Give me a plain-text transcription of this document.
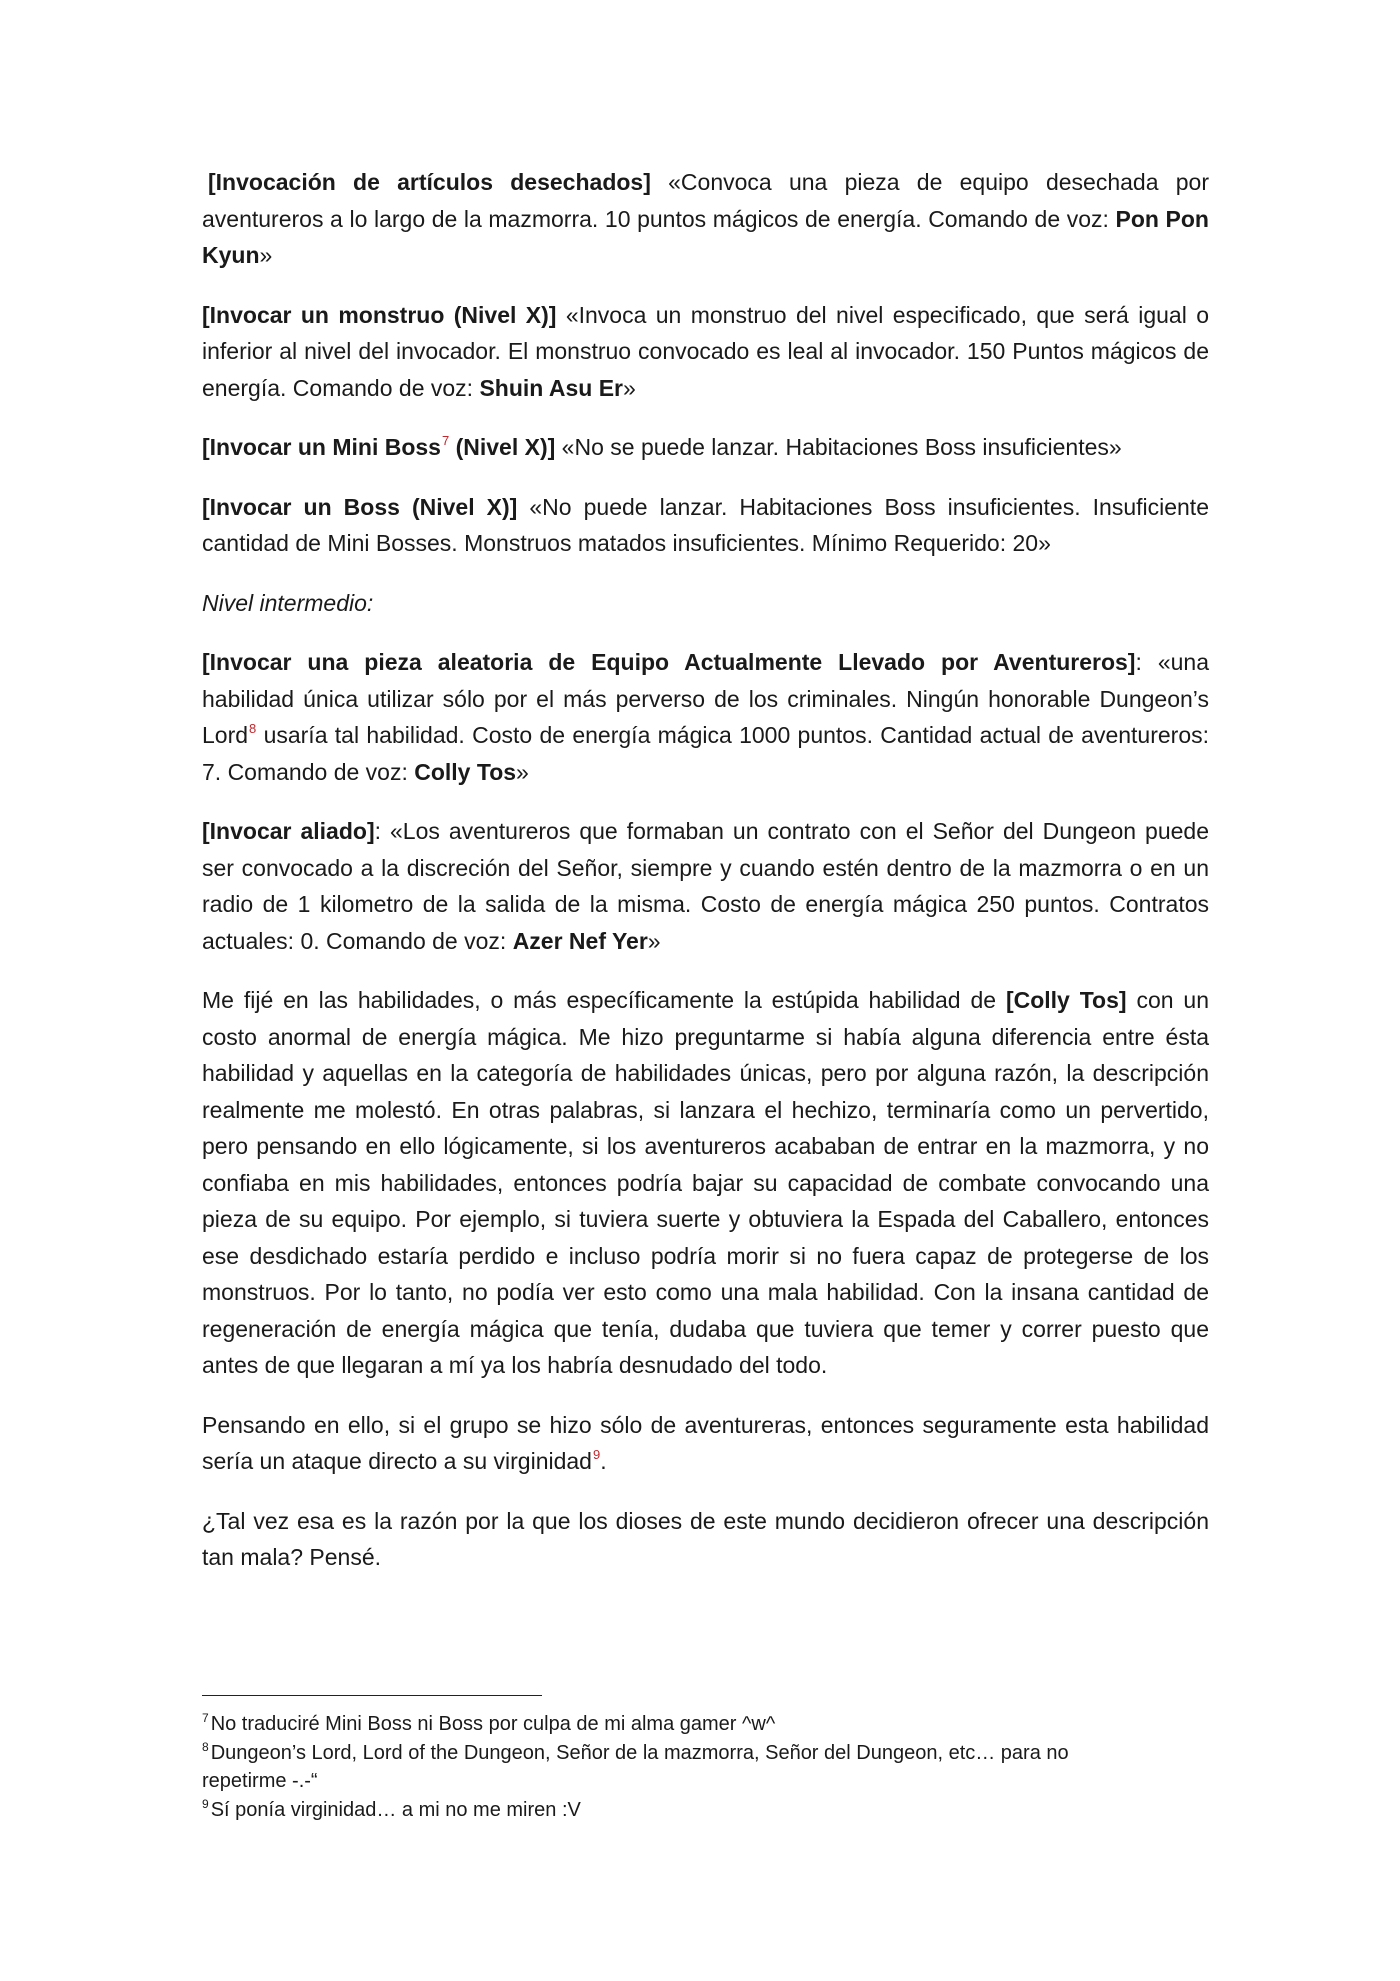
[Invocación de artículos desechados] «Convoca una pieza de equipo desechada por aventureros a lo largo de la mazmorra. 10 puntos mágicos de energía. Comando de voz: Pon Pon Kyun»

[Invocar un monstruo (Nivel X)] «Invoca un monstruo del nivel especificado, que será igual o inferior al nivel del invocador. El monstruo convocado es leal al invocador. 150 Puntos mágicos de energía. Comando de voz: Shuin Asu Er»

[Invocar un Mini Boss$^7$ (Nivel X)] «No se puede lanzar. Habitaciones Boss insuficientes»

[Invocar un Boss (Nivel X)] «No puede lanzar. Habitaciones Boss insuficientes. Insuficiente cantidad de Mini Bosses. Monstruos matados insuficientes. Mínimo Requerido: 20»

Nivel intermedio:

[Invocar una pieza aleatoria de Equipo Actualmente Llevado por Aventureros]: «una habilidad única utilizar sólo por el más perverso de los criminales. Ningún honorable Dungeon’s Lord$^8$ usaría tal habilidad. Costo de energía mágica 1000 puntos. Cantidad actual de aventureros: 7. Comando de voz: Colly Tos»

[Invocar aliado]: «Los aventureros que formaban un contrato con el Señor del Dungeon puede ser convocado a la discreción del Señor, siempre y cuando estén dentro de la mazmorra o en un radio de 1 kilometro de la salida de la misma. Costo de energía mágica 250 puntos. Contratos actuales: 0. Comando de voz: Azer Nef Yer»

Me fijé en las habilidades, o más específicamente la estúpida habilidad de [Colly Tos] con un costo anormal de energía mágica. Me hizo preguntarme si había alguna diferencia entre ésta habilidad y aquellas en la categoría de habilidades únicas, pero por alguna razón, la descripción realmente me molestó. En otras palabras, si lanzara el hechizo, terminaría como un pervertido, pero pensando en ello lógicamente, si los aventureros acababan de entrar en la mazmorra, y no confiaba en mis habilidades, entonces podría bajar su capacidad de combate convocando una pieza de su equipo. Por ejemplo, si tuviera suerte y obtuviera la Espada del Caballero, entonces ese desdichado estaría perdido e incluso podría morir si no fuera capaz de protegerse de los monstruos. Por lo tanto, no podía ver esto como una mala habilidad. Con la insana cantidad de regeneración de energía mágica que tenía, dudaba que tuviera que temer y correr puesto que antes de que llegaran a mí ya los habría desnudado del todo.

Pensando en ello, si el grupo se hizo sólo de aventureras, entonces seguramente esta habilidad sería un ataque directo a su virginidad$^9$.

¿Tal vez esa es la razón por la que los dioses de este mundo decidieron ofrecer una descripción tan mala? Pensé.

$^7$ No traduciré Mini Boss ni Boss por culpa de mi alma gamer ^w^

$^8$ Dungeon’s Lord, Lord of the Dungeon, Señor de la mazmorra, Señor del Dungeon, etc… para no repetirme -.-“

$^9$ Sí ponía virginidad… a mi no me miren :V
